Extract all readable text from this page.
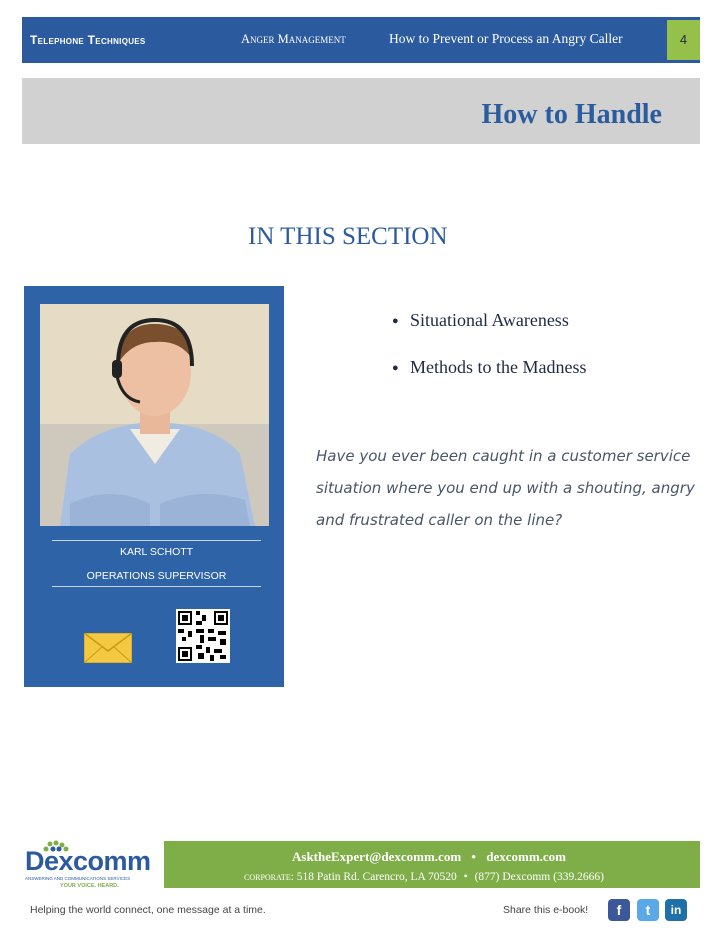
Telephone Techniques	Anger Management	How to Prevent or Process an Angry Caller	4
How to Handle
IN THIS SECTION
KARL SCHOTT
OPERATIONS SUPERVISOR
● Situational Awareness
● Methods to the Madness
Have you ever been caught in a customer service situation where you end up with a shouting, angry and frustrated caller on the line?
Dexcomm
ANSWERING AND COMMUNICATIONS SERVICES
YOUR VOICE. HEARD.
AsktheExpert@dexcomm.com • dexcomm.com
corporate: 518 Patin Rd. Carencro, LA 70520 • (877) Dexcomm (339.2666)
Helping the world connect, one message at a time.	Share this e-book!	f	t	in
